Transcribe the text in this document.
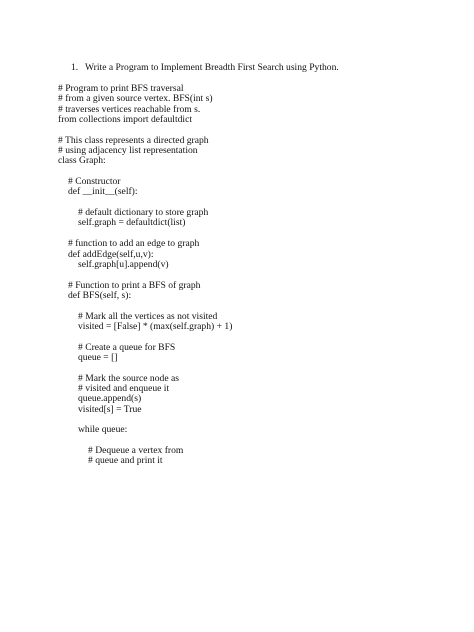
1. Write a Program to Implement Breadth First Search using Python.
# Program to print BFS traversal
# from a given source vertex. BFS(int s)
# traverses vertices reachable from s.
from collections import defaultdict
# This class represents a directed graph
# using adjacency list representation
class Graph:
# Constructor
def __init__(self):
# default dictionary to store graph
self.graph = defaultdict(list)
# function to add an edge to graph
def addEdge(self,u,v):
self.graph[u].append(v)
# Function to print a BFS of graph
def BFS(self, s):
# Mark all the vertices as not visited
visited = [False] * (max(self.graph) + 1)
# Create a queue for BFS
queue = []
# Mark the source node as
# visited and enqueue it
queue.append(s)
visited[s] = True
while queue:
# Dequeue a vertex from
# queue and print it
